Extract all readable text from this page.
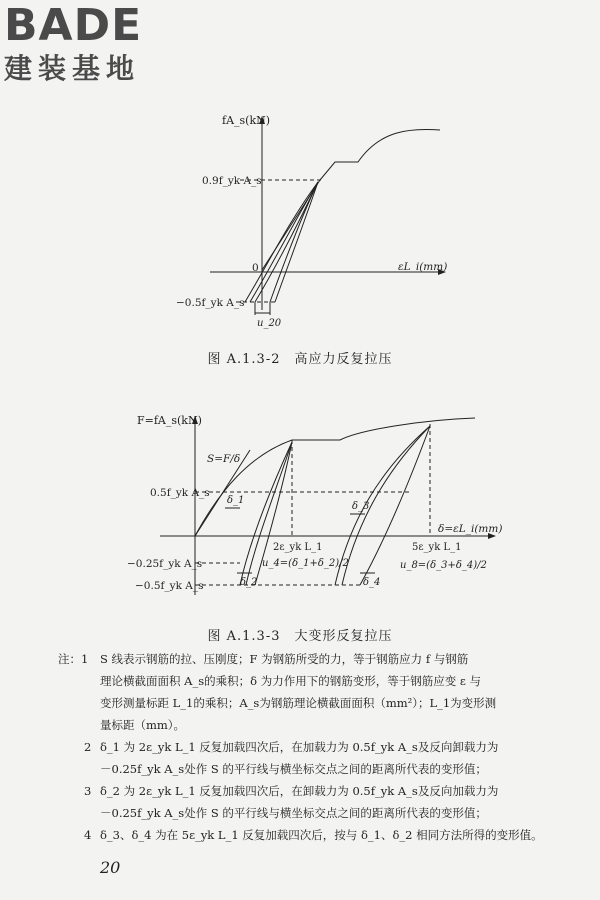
BADE
建装基地
fA_s(kN)
0.9f_yk A_s
0	εL_i(mm)
−0.5f_yk A_s
u_20
图 A.1.3-2　高应力反复拉压
F=fA_s(kN)
S=F/δ
0.5f_yk A_s
δ_1
δ_3
δ=εL_i(mm)
2ε_yk L_1	5ε_yk L_1
u_4=(δ_1+δ_2)/2	u_8=(δ_3+δ_4)/2
−0.25f_yk A_s
δ_2	δ_4
−0.5f_yk A_s
图 A.1.3-3　大变形反复拉压
注：1	S 线表示钢筋的拉、压刚度；F 为钢筋所受的力，等于钢筋应力 f 与钢筋
理论横截面面积 A_s的乘积；δ 为力作用下的钢筋变形，等于钢筋应变 ε 与
变形测量标距 L_1的乘积；A_s为钢筋理论横截面面积（mm²）；L_1为变形测
量标距（mm）。
2 δ_1 为 2ε_yk L_1 反复加载四次后，在加载力为 0.5f_yk A_s及反向卸载力为
－0.25f_yk A_s处作 S 的平行线与横坐标交点之间的距离所代表的变形值；
3 δ_2 为 2ε_yk L_1 反复加载四次后，在卸载力为 0.5f_yk A_s及反向加载力为
－0.25f_yk A_s处作 S 的平行线与横坐标交点之间的距离所代表的变形值；
4 δ_3、δ_4 为在 5ε_yk L_1 反复加载四次后，按与 δ_1、δ_2 相同方法所得的变形值。
20
